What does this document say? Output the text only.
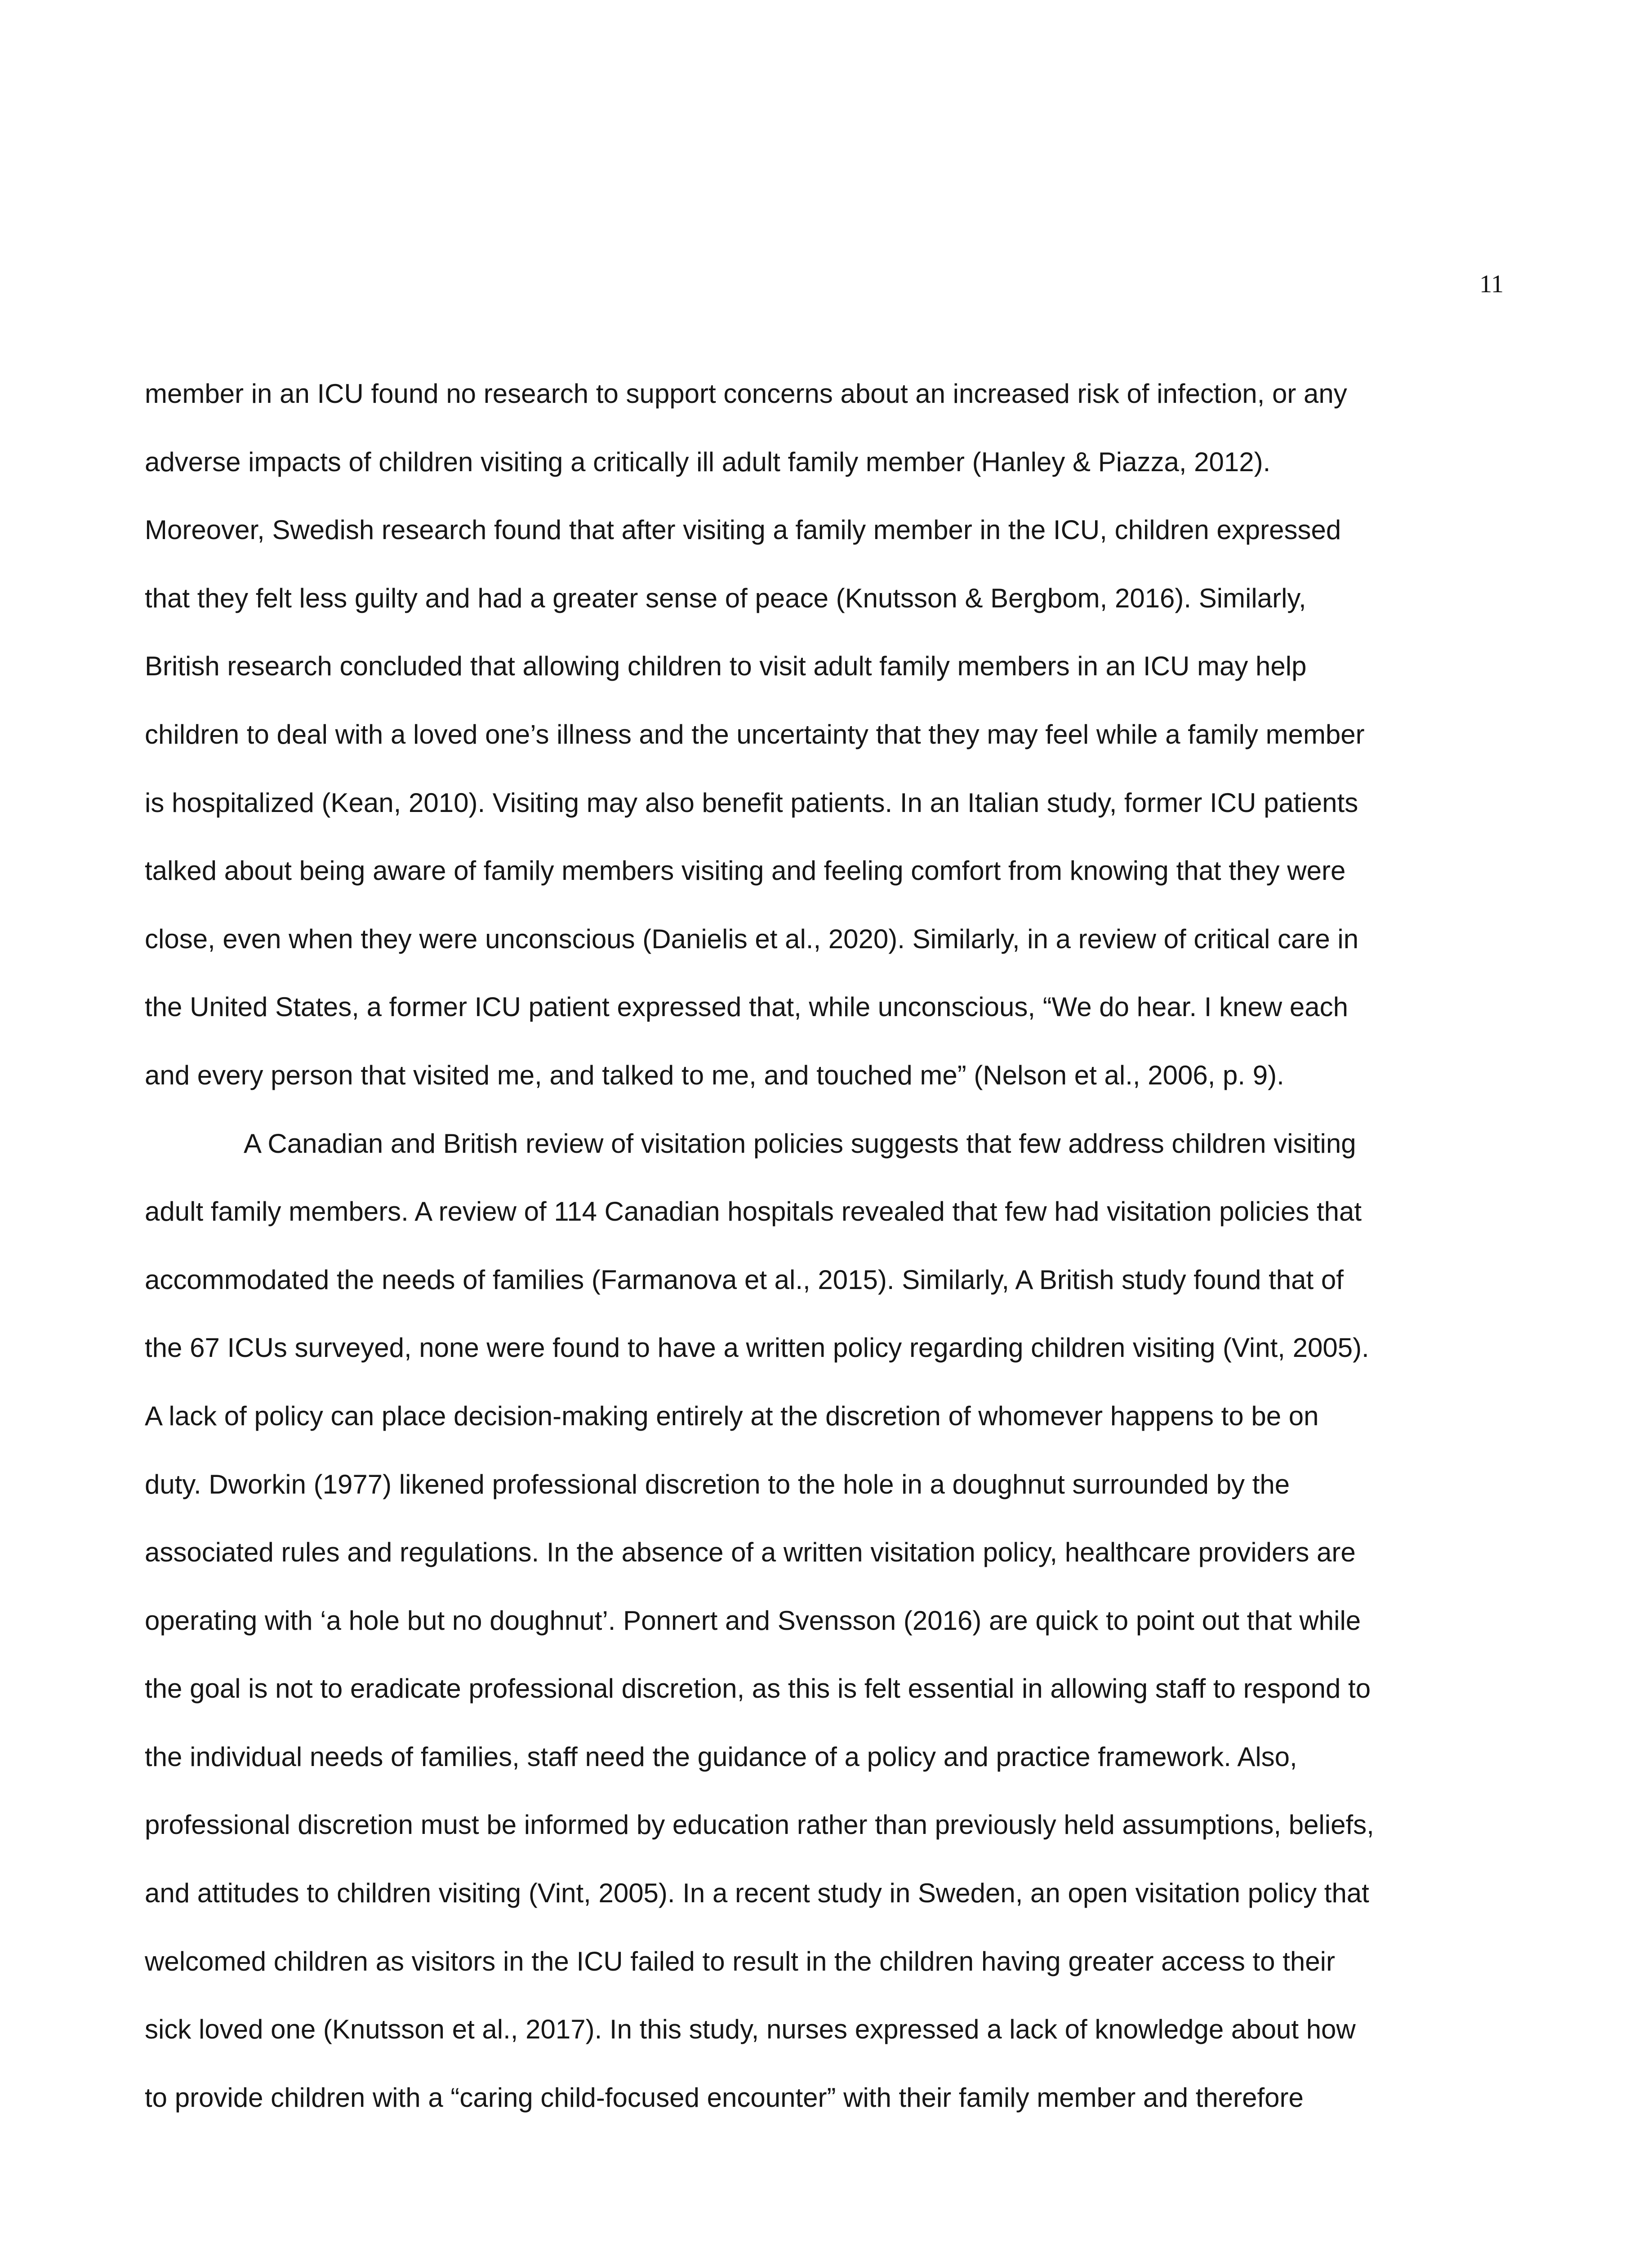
11
member in an ICU found no research to support concerns about an increased risk of infection, or any
adverse impacts of children visiting a critically ill adult family member (Hanley & Piazza, 2012).
Moreover, Swedish research found that after visiting a family member in the ICU, children expressed
that they felt less guilty and had a greater sense of peace (Knutsson & Bergbom, 2016). Similarly,
British research concluded that allowing children to visit adult family members in an ICU may help
children to deal with a loved one’s illness and the uncertainty that they may feel while a family member
is hospitalized (Kean, 2010). Visiting may also benefit patients. In an Italian study, former ICU patients
talked about being aware of family members visiting and feeling comfort from knowing that they were
close, even when they were unconscious (Danielis et al., 2020). Similarly, in a review of critical care in
the United States, a former ICU patient expressed that, while unconscious, “We do hear. I knew each
and every person that visited me, and talked to me, and touched me” (Nelson et al., 2006, p. 9).
A Canadian and British review of visitation policies suggests that few address children visiting
adult family members. A review of 114 Canadian hospitals revealed that few had visitation policies that
accommodated the needs of families (Farmanova et al., 2015). Similarly, A British study found that of
the 67 ICUs surveyed, none were found to have a written policy regarding children visiting (Vint, 2005).
A lack of policy can place decision-making entirely at the discretion of whomever happens to be on
duty. Dworkin (1977) likened professional discretion to the hole in a doughnut surrounded by the
associated rules and regulations. In the absence of a written visitation policy, healthcare providers are
operating with ‘a hole but no doughnut’. Ponnert and Svensson (2016) are quick to point out that while
the goal is not to eradicate professional discretion, as this is felt essential in allowing staff to respond to
the individual needs of families, staff need the guidance of a policy and practice framework. Also,
professional discretion must be informed by education rather than previously held assumptions, beliefs,
and attitudes to children visiting (Vint, 2005). In a recent study in Sweden, an open visitation policy that
welcomed children as visitors in the ICU failed to result in the children having greater access to their
sick loved one (Knutsson et al., 2017). In this study, nurses expressed a lack of knowledge about how
to provide children with a “caring child-focused encounter” with their family member and therefore
